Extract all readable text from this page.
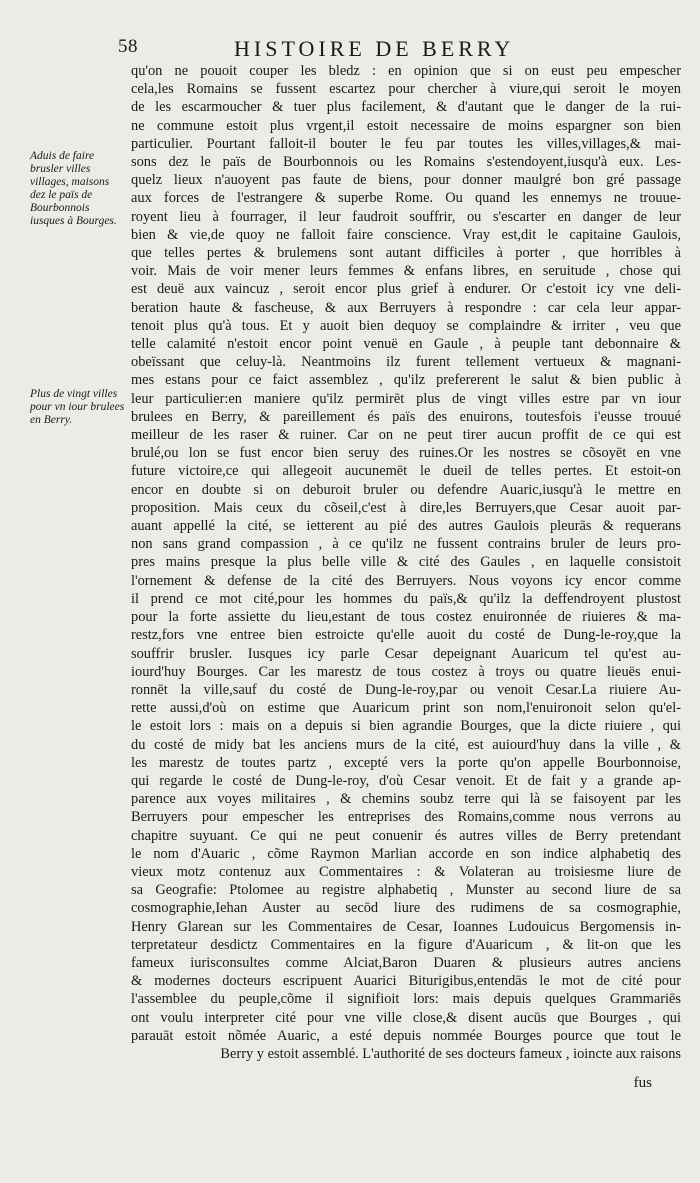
58	HISTOIRE DE BERRY

Aduis de faire brusler villes villages, maisons dez le païs de Bourbonnois iusques à Bourges.

Plus de vingt villes pour vn iour brulees en Berry.

qu'on ne pouoit couper les bledz : en opinion que si on eust peu empescher
cela,les Romains se fussent escartez pour chercher à viure,qui seroit le moyen
de les escarmoucher & tuer plus facilement, & d'autant que le danger de la rui-
ne commune estoit plus vrgent,il estoit necessaire de moins espargner son bien
particulier. Pourtant falloit-il bouter le feu par toutes les villes,villages,& mai-
sons dez le païs de Bourbonnois ou les Romains s'estendoyent,iusqu'à eux. Les-
quelz lieux n'auoyent pas faute de biens, pour donner maulgré bon gré passage
aux forces de l'estrangere & superbe Rome. Ou quand les ennemys ne trouue-
royent lieu à fourrager, il leur faudroit souffrir, ou s'escarter en danger de leur
bien & vie,de quoy ne falloit faire conscience. Vray est,dit le capitaine Gaulois,
que telles pertes & brulemens sont autant difficiles à porter , que horribles à
voir. Mais de voir mener leurs femmes & enfans libres, en seruitude , chose qui
est deuë aux vaincuz , seroit encor plus grief à endurer. Or c'estoit icy vne deli-
beration haute & fascheuse, & aux Berruyers à respondre : car cela leur appar-
tenoit plus qu'à tous. Et y auoit bien dequoy se complaindre & irriter , veu que
telle calamité n'estoit encor point venuë en Gaule , à peuple tant debonnaire &
obeïssant que celuy-là. Neantmoins ilz furent tellement vertueux & magnani-
mes estans pour ce faict assemblez , qu'ilz prefererent le salut & bien public à
leur particulier:en maniere qu'ilz permirēt plus de vingt villes estre par vn iour
brulees en Berry, & pareillement és païs des enuirons, toutesfois i'eusse trouué
meilleur de les raser & ruiner. Car on ne peut tirer aucun proffit de ce qui est
brulé,ou lon se fust encor bien seruy des ruines.Or les nostres se cõsoyēt en vne
future victoire,ce qui allegeoit aucunemēt le dueil de telles pertes. Et estoit-on
encor en doubte si on deburoit bruler ou defendre Auaric,iusqu'à le mettre en
proposition. Mais ceux du cõseil,c'est à dire,les Berruyers,que Cesar auoit par-
auant appellé la cité, se ietterent au pié des autres Gaulois pleurās & requerans
non sans grand compassion , à ce qu'ilz ne fussent contrains bruler de leurs pro-
pres mains presque la plus belle ville & cité des Gaules , en laquelle consistoit
l'ornement & defense de la cité des Berruyers. Nous voyons icy encor comme
il prend ce mot cité,pour les hommes du païs,& qu'ilz la deffendroyent plustost
pour la forte assiette du lieu,estant de tous costez enuironnée de riuieres & ma-
restz,fors vne entree bien estroicte qu'elle auoit du costé de Dung-le-roy,que la
souffrir brusler. Iusques icy parle Cesar depeignant Auaricum tel qu'est au-
iourd'huy Bourges. Car les marestz de tous costez à troys ou quatre lieuës enui-
ronnēt la ville,sauf du costé de Dung-le-roy,par ou venoit Cesar.La riuiere Au-
rette aussi,d'où on estime que Auaricum print son nom,l'enuironoit selon qu'el-
le estoit lors : mais on a depuis si bien agrandie Bourges, que la dicte riuiere , qui
du costé de midy bat les anciens murs de la cité, est auiourd'huy dans la ville , &
les marestz de toutes partz , excepté vers la porte qu'on appelle Bourbonnoise,
qui regarde le costé de Dung-le-roy, d'où Cesar venoit. Et de fait y a grande ap-
parence aux voyes militaires , & chemins soubz terre qui là se faisoyent par les
Berruyers pour empescher les entreprises des Romains,comme nous verrons au
chapitre suyuant. Ce qui ne peut conuenir és autres villes de Berry pretendant
le nom d'Auaric , cõme Raymon Marlian accorde en son indice alphabetiq des
vieux motz contenuz aux Commentaires : & Volateran au troisiesme liure de
sa Geografie: Ptolomee au registre alphabetiq , Munster au second liure de sa
cosmographie,Iehan Auster au secōd liure des rudimens de sa cosmographie,
Henry Glarean sur les Commentaires de Cesar, Ioannes Ludouicus Bergomensis in-
terpretateur desdictz Commentaires en la figure d'Auaricum , & lit-on que les
fameux iurisconsultes comme Alciat,Baron Duaren & plusieurs autres anciens
& modernes docteurs escripuent Auarici Biturigibus,entendās le mot de cité pour
l'assemblee du peuple,cõme il signifioit lors: mais depuis quelques Grammariēs
ont voulu interpreter cité pour vne ville close,& disent aucūs que Bourges , qui
parauāt estoit nõmée Auaric, a esté depuis nommée Bourges pource que tout le
Berry y estoit assemblé. L'authorité de ses docteurs fameux , ioincte aux raisons
fus
